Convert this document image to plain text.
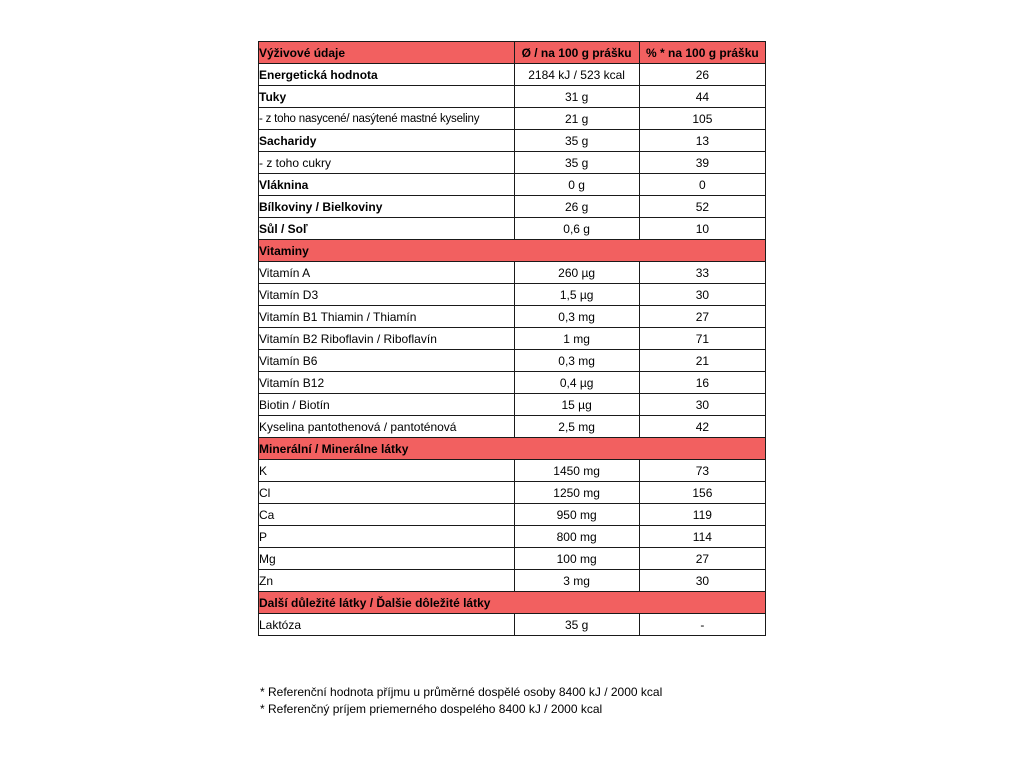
Výživové údaje	Ø / na 100 g prášku	% * na 100 g prášku
Energetická hodnota	2184 kJ / 523 kcal	26
Tuky	31 g	44
- z toho nasycené/ nasýtené mastné kyseliny	21 g	105
Sacharidy	35 g	13
- z toho cukry	35 g	39
Vláknina	0 g	0
Bílkoviny / Bielkoviny	26 g	52
Sůl / Soľ	0,6 g	10
Vitaminy		
Vitamín A	260 µg	33
Vitamín D3	1,5 µg	30
Vitamín B1 Thiamin / Thiamín	0,3 mg	27
Vitamín B2 Riboflavin / Riboflavín	1 mg	71
Vitamín B6	0,3 mg	21
Vitamín B12	0,4 µg	16
Biotin / Biotín	15 µg	30
Kyselina pantothenová / pantoténová	2,5 mg	42
Minerální / Minerálne látky		
K	1450 mg	73
Cl	1250 mg	156
Ca	950 mg	119
P	800 mg	114
Mg	100 mg	27
Zn	3 mg	30
Další důležité látky / Ďalšie dôležité látky		
Laktóza	35 g	-
* Referenční hodnota příjmu u průměrné dospělé osoby 8400 kJ / 2000 kcal
* Referenčný príjem priemerného dospelého 8400 kJ / 2000 kcal
